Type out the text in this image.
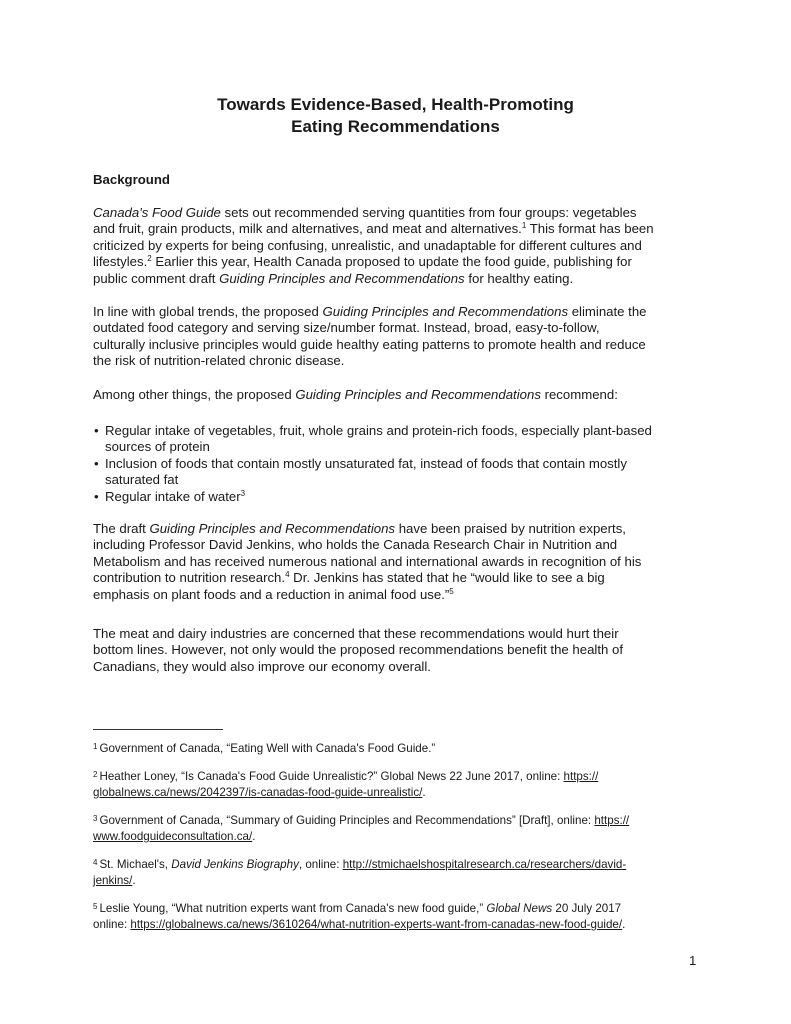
Towards Evidence-Based, Health-Promoting
Eating Recommendations
Background
Canada's Food Guide sets out recommended serving quantities from four groups: vegetables
and fruit, grain products, milk and alternatives, and meat and alternatives.$^1$ This format has been
criticized by experts for being confusing, unrealistic, and unadaptable for different cultures and
lifestyles.$^2$ Earlier this year, Health Canada proposed to update the food guide, publishing for
public comment draft Guiding Principles and Recommendations for healthy eating.
In line with global trends, the proposed Guiding Principles and Recommendations eliminate the
outdated food category and serving size/number format. Instead, broad, easy-to-follow,
culturally inclusive principles would guide healthy eating patterns to promote health and reduce
the risk of nutrition-related chronic disease.
Among other things, the proposed Guiding Principles and Recommendations recommend:
• Regular intake of vegetables, fruit, whole grains and protein-rich foods, especially plant-based
sources of protein
• Inclusion of foods that contain mostly unsaturated fat, instead of foods that contain mostly
saturated fat
• Regular intake of water$^3$
The draft Guiding Principles and Recommendations have been praised by nutrition experts,
including Professor David Jenkins, who holds the Canada Research Chair in Nutrition and
Metabolism and has received numerous national and international awards in recognition of his
contribution to nutrition research.$^4$ Dr. Jenkins has stated that he “would like to see a big
emphasis on plant foods and a reduction in animal food use.”$^5$
The meat and dairy industries are concerned that these recommendations would hurt their
bottom lines. However, not only would the proposed recommendations benefit the health of
Canadians, they would also improve our economy overall.
$^1$ Government of Canada, “Eating Well with Canada's Food Guide.”
$^2$ Heather Loney, “Is Canada's Food Guide Unrealistic?” Global News 22 June 2017, online: https://
globalnews.ca/news/2042397/is-canadas-food-guide-unrealistic/.
$^3$ Government of Canada, “Summary of Guiding Principles and Recommendations” [Draft], online: https://
www.foodguideconsultation.ca/.
$^4$ St. Michael's, David Jenkins Biography, online: http://stmichaelshospitalresearch.ca/researchers/david-
jenkins/.
$^5$ Leslie Young, “What nutrition experts want from Canada's new food guide,” Global News 20 July 2017
online: https://globalnews.ca/news/3610264/what-nutrition-experts-want-from-canadas-new-food-guide/.
1
